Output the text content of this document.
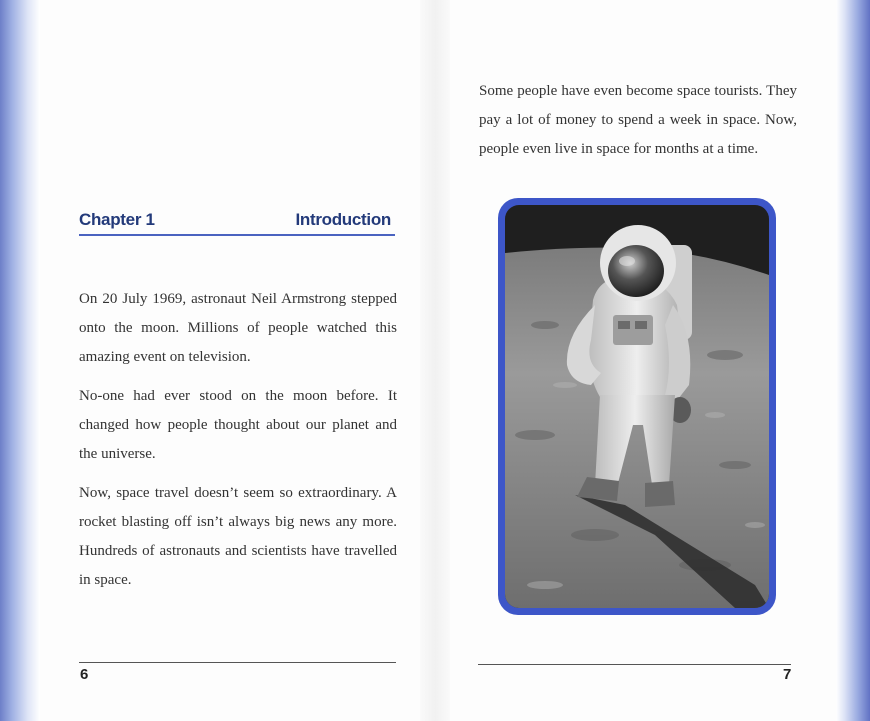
Chapter 1	Introduction

On 20 July 1969, astronaut Neil Armstrong stepped onto the moon. Millions of people watched this amazing event on television.

No-one had ever stood on the moon before. It changed how people thought about our planet and the universe.

Now, space travel doesn’t seem so extraordinary. A rocket blasting off isn’t always big news any more. Hundreds of astronauts and scientists have travelled in space.

6

Some people have even become space tourists. They pay a lot of money to spend a week in space. Now, people even live in space for months at a time.

7
